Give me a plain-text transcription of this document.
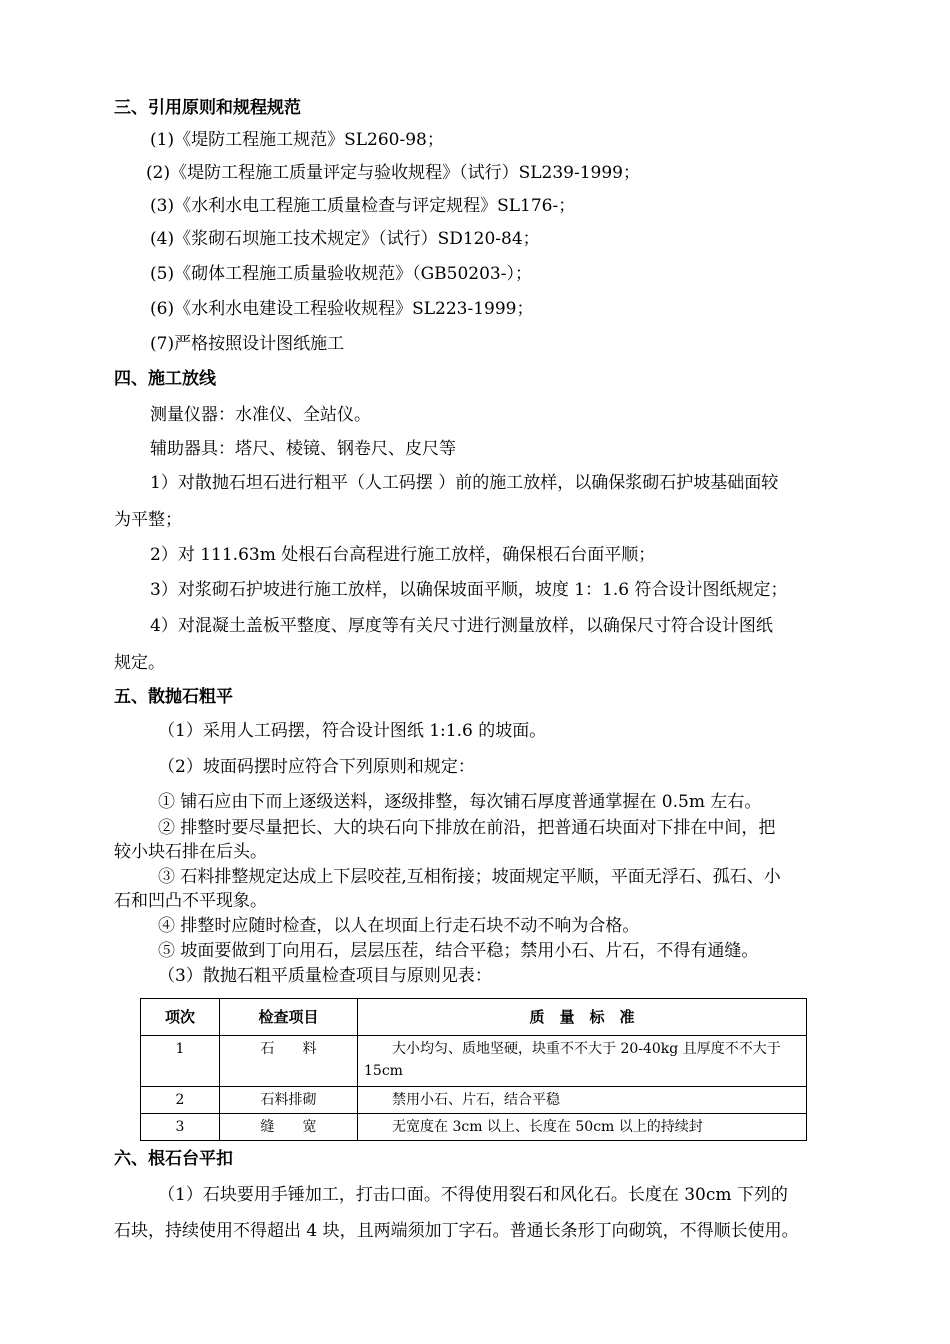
三、引用原则和规程规范
(1)《堤防工程施工规范》SL260-98；
(2)《堤防工程施工质量评定与验收规程》（试行）SL239-1999；
(3)《水利水电工程施工质量检查与评定规程》SL176-；
(4)《浆砌石坝施工技术规定》（试行）SD120-84；
(5)《砌体工程施工质量验收规范》（GB50203-）；
(6)《水利水电建设工程验收规程》SL223-1999；
(7)严格按照设计图纸施工
四、施工放线
测量仪器：水准仪、全站仪。
辅助器具：塔尺、棱镜、钢卷尺、皮尺等
1）对散抛石坦石进行粗平（人工码摆 ）前的施工放样，以确保浆砌石护坡基础面较
为平整；
2）对 111.63m 处根石台高程进行施工放样，确保根石台面平顺；
3）对浆砌石护坡进行施工放样，以确保坡面平顺，坡度 1：1.6 符合设计图纸规定；
4）对混凝土盖板平整度、厚度等有关尺寸进行测量放样，以确保尺寸符合设计图纸
规定。
五、散抛石粗平
（1）采用人工码摆，符合设计图纸 1:1.6 的坡面。
（2）坡面码摆时应符合下列原则和规定：
① 铺石应由下而上逐级送料，逐级排整，每次铺石厚度普通掌握在 0.5m 左右。
② 排整时要尽量把长、大的块石向下排放在前沿，把普通石块面对下排在中间，把
较小块石排在后头。
③ 石料排整规定达成上下层咬茬,互相衔接；坡面规定平顺，平面无浮石、孤石、小
石和凹凸不平现象。
④ 排整时应随时检查，以人在坝面上行走石块不动不响为合格。
⑤ 坡面要做到丁向用石，层层压茬，结合平稳；禁用小石、片石，不得有通缝。
（3）散抛石粗平质量检查项目与原则见表：
项次	检查项目	质　量　标　准
1	石　　料	大小均匀、质地坚硬，块重不不大于 20-40kg 且厚度不不大于 15cm
2	石料排砌	禁用小石、片石，结合平稳
3	缝　　宽	无宽度在 3cm 以上、长度在 50cm 以上的持续封
六、根石台平扣
（1）石块要用手锤加工，打击口面。不得使用裂石和风化石。长度在 30cm 下列的
石块，持续使用不得超出 4 块，且两端须加丁字石。普通长条形丁向砌筑，不得顺长使用。
